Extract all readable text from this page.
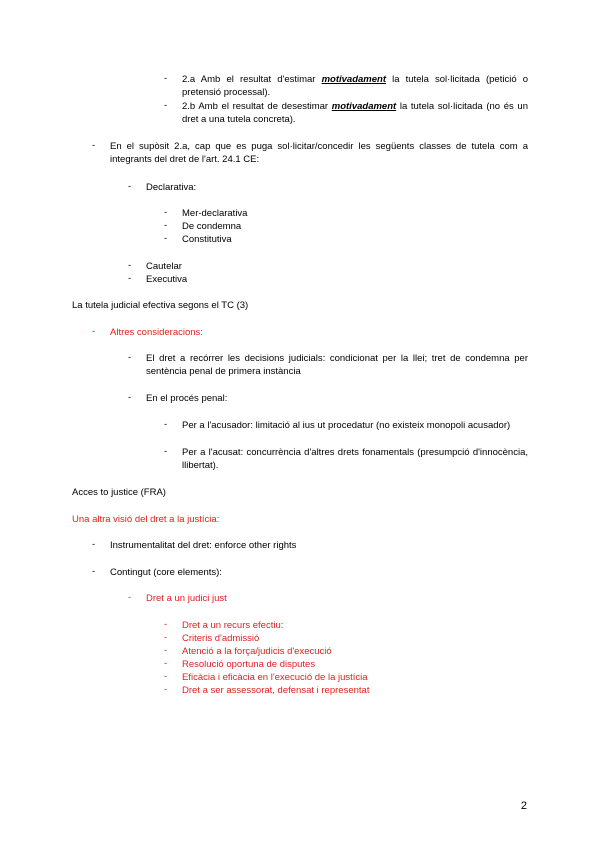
- 2.a Amb el resultat d'estimar motivadament la tutela sol·licitada (petició o pretensió processal).
- 2.b Amb el resultat de desestimar motivadament la tutela sol·licitada (no és un dret a una tutela concreta).
- En el supòsit 2.a, cap que es puga sol·licitar/concedir les següents classes de tutela com a integrants del dret de l'art. 24.1 CE:
- Declarativa:
- Mer-declarativa
- De condemna
- Constitutiva
- Cautelar
- Executiva
La tutela judicial efectiva segons el TC (3)
- Altres consideracions:
- El dret a recórrer les decisions judicials: condicionat per la llei; tret de condemna per sentència penal de primera instància
- En el procés penal:
- Per a l'acusador: limitació al ius ut procedatur (no existeix monopoli acusador)
- Per a l'acusat: concurrència d'altres drets fonamentals (presumpció d'innocència, llibertat).
Acces to justice (FRA)
Una altra visió del dret a la justícia:
- Instrumentalitat del dret: enforce other rights
- Contingut (core elements):
- Dret a un judici just
- Dret a un recurs efectiu:
- Criteris d'admissió
- Atenció a la força/judicis d'execució
- Resolució oportuna de disputes
- Eficàcia i eficàcia en l'execució de la justícia
- Dret a ser assessorat, defensat i representat
2
